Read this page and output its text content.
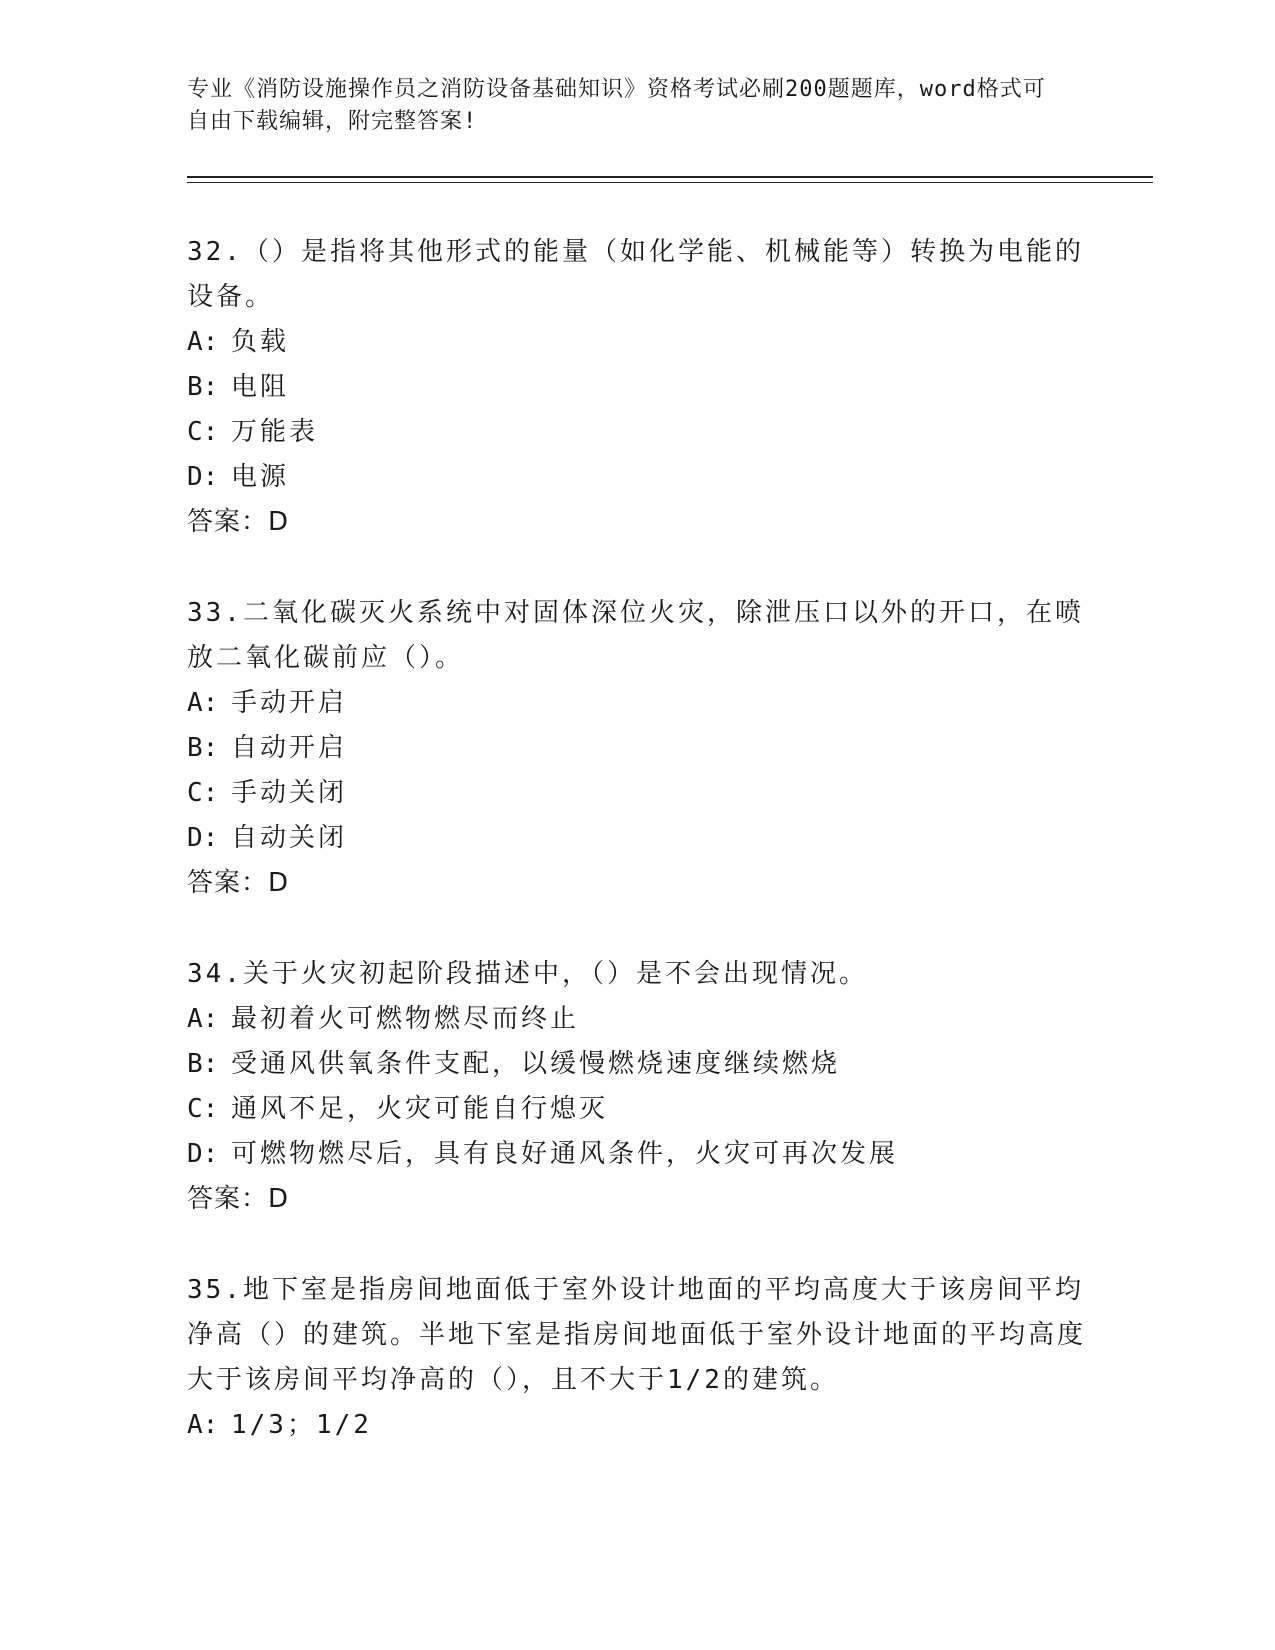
专业《消防设施操作员之消防设备基础知识》资格考试必刷200题题库，word格式可自由下载编辑，附完整答案!
32.（）是指将其他形式的能量（如化学能、机械能等）转换为电能的设备。
A: 负载
B: 电阻
C: 万能表
D: 电源
答案：D
33.二氧化碳灭火系统中对固体深位火灾，除泄压口以外的开口，在喷放二氧化碳前应（）。
A: 手动开启
B: 自动开启
C: 手动关闭
D: 自动关闭
答案：D
34.关于火灾初起阶段描述中，（）是不会出现情况。
A: 最初着火可燃物燃尽而终止
B: 受通风供氧条件支配，以缓慢燃烧速度继续燃烧
C: 通风不足，火灾可能自行熄灭
D: 可燃物燃尽后，具有良好通风条件，火灾可再次发展
答案：D
35.地下室是指房间地面低于室外设计地面的平均高度大于该房间平均净高（）的建筑。半地下室是指房间地面低于室外设计地面的平均高度大于该房间平均净高的（），且不大于1/2的建筑。
A: 1/3；1/2
